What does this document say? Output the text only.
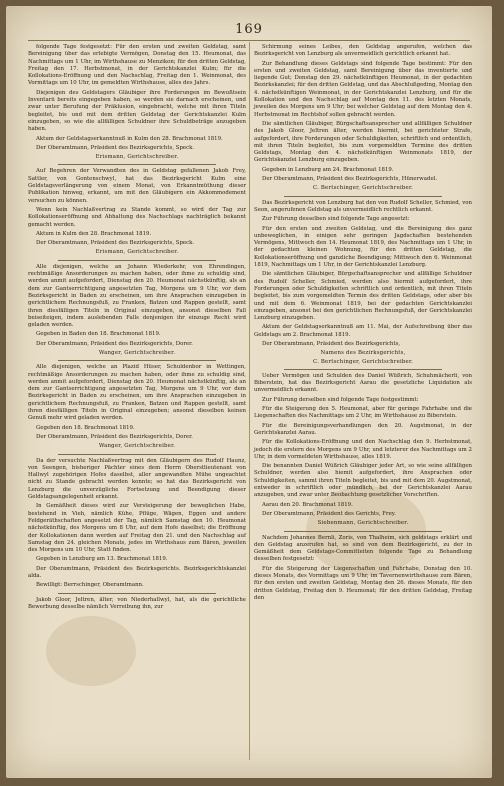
169

folgende Tage festgesetzt: Für den ersten und zweiten Geldstag, samt Bereinigung über das erlebigte Vermögen, Donstag den 15. Heumonat, das Nachmittags um 1 Uhr, im Wirthshause zu Menzikon; für den dritten Geldstag, Freitag den 17. Herbstmonat, in der Gerichtskanzlei Kulm; für die Kollokations-Eröffnung und den Nachschlag, Freitag den 1. Weinmonat, des Vormittags um 10 Uhr, im gemeldten Wirthshause, alles des Jahrs.

Diejenigen des Geldstagers Gläubiger ihre Forderungen im Bewußtsein Inventarii bereits eingegeben haben, so werden sie darnach erscheinen, und zwar unter Berufung der Präklusion, eingebracht, welche mit ihren Titeln begleitet, bis und mit dem dritten Geldstag der Gerichtskanzlei Kulm einzugeben, so wie die allfälligen Schuldner ihre Schuldbeträge anzugeben haben.

Aktum der Geldstagserkanntnuß in Kulm den 28. Brachmonat 1819.

Der Oberamtmann, Präsident des Bezirksgerichts, Speck.

Erismann, Gerichtschreiber.

Auf Begehren der Verwandten des in Geldstag gefallenen Jakob Frey, Sattler, von Gontenschwyl, hat das Bezirksgericht Kulm eine Geldstagsverlängerung von einem Monat, von Erkanntmüthung dieser Publikation hinweg, erkannt, um mit den Gläubigern ein Akkommodement versuchen zu können.

Wenn kein Nachlaßvertrag zu Stande kommt, so wird der Tag zur Kollokationseröffnung und Abhaltung des Nachschlags nachträglich bekannt gemacht werden.

Aktum in Kulm den 28. Brachmonat 1819.

Der Oberamtmann, Präsident des Bezirksgerichts, Speck.

Erismann, Gerichtschreiber.

Alle diejenigen, welche an Johann Wiederkehr, von Ehrendingen, rechtmäßige Ansorderungen zu machen haben, oder ihme zu schuldig sind, werden anmit aufgefordert, Dienstag den 20. Heumonat nächstkünftig, als an dem zur Gantserrichtigung angesetzten Tag, Morgens um 9 Uhr, vor dem Bezirksgericht in Baden zu erscheinen, um ihre Ansprachen einzugeben in gerichtlichem Rechnungsfuß, zu Franken, Batzen und Rappen gestellt, samt ihren diesfälligen Titeln in Original einzugeben, ansonst dieselben Fall beiseiteigen, indem auslebenden Falls denjenigen ihr einzuge Recht wird geladen werden.

Gegeben in Baden den 18. Brachmonat 1819.

Der Oberamtmann, Präsident des Bezirksgerichts, Dorer.

Wanger, Gerichtschreiber.

Alle diejenigen, welche an Plazid Hüser, Schuldenbor in Wettingen, rechtmäßige Ansorderungen zu machen haben, oder ihme zu schuldig sind, werden anmit aufgefordert, Dienstag den 20. Heumonat nächstkünftig, als an dem zur Gantserrichtigung angesetzten Tag, Morgens um 9 Uhr, vor dem Bezirksgericht in Baden zu erscheinen, um ihre Ansprachen einzugeben in gerichtlichem Rechnungsfuß, zu Franken, Batzen und Rappen gestellt, samt ihren diesfälligen Titeln in Original einzugeben; ansonst dieselben keinen Genuß mehr wird geladen werden.

Gegeben den 18. Brachmonat 1819.

Der Oberamtmann, Präsident des Bezirksgerichts, Dorer.

Wanger, Gerichtschreiber.

Da der versuchte Nachlaßvertrag mit den Gläubigern des Rudolf Haunz, von Seengen, bisheriger Pächter eines dem Herrn Oberstlieutenant von Hallwyl zugehörigen Hofes daselbst, aller angewandten Mühe ungeachtet nicht zu Stande gebracht werden konnte; so hat das Bezirksgericht von Lenzburg die unverzügliche Fortsetzung und Beendigung dieser Geldstagsangelegenheit erkannt.

In Gemäßheit dieses wird zur Versteigerung der beweglichen Habe, bestehend in Vieh, nämlich Kühe, Pflüge, Wägen, Eggen und andere Feldgeräthschaften angesetzt der Tag, nämlich Samstag den 10. Heumonat nächstkünftig, des Morgens um 8 Uhr, auf dem Hofe daselbst; die Eröffnung der Kollokationen dann werden auf Freitag den 21. und den Nachschlag auf Samstag den 24. gleichen Monats, jedes im Wirthshaus zum Bären, jeweilen des Morgens um 10 Uhr, Statt finden.

Gegeben in Lenzburg am 13. Brachmonat 1819.

Der Oberamtmann, Präsident des Bezirksgerichts. Bezirksgerichtskanzlei alda.

Bewilligt: Berrschinger, Oberamtmann.

Jakob Gloor, Jeltren, älter, von Niederhallwyl, hat, als die gerichtliche Bewerbung desselbe nämlich Verreibung ihn, zur

Schirmung seines Leibes, den Geldstag angerufen, welchen das Bezirksgericht von Lenzburg als unvermeidlich gerichtlich erkannt hat.

Zur Behandlung dieses Geldstags sind folgende Tage bestimmt: Für den ersten und zweiten Geldstag, samt Bereinigung über das inventierte und liegende Gut; Donstag den 29. nächstkünftigen Heumonat, in der gedachten Bezirkskanzlei; für den dritten Geldstag, und das Abschlußgeding, Montag den 4. nächstkünftigen Weinmonat, in der Gerichtskanzlei Lenzburg, und für die Kollokation und den Nachschlag auf Montag den 11. des letzten Monats, jeweilen des Morgens um 9 Uhr; bei welcher Geldstag auf dem Montag den 4. Herbstmonat im Rechtshof sollen gebracht werden.

Die sämtlichen Gläubiger, Bürgschaftsansprecher und allfälligen Schuldner des Jakob Gloor, Jeltren älter, werden hiermit, bei gerichteter Strafe, aufgefordert, ihre Forderungen oder Schuldigkeiten, schriftlich und ordentlich, mit ihren Titeln begleitet, bis zum vorgemeldten Termine des dritten Geldstags, Montag den 4. nächstkünftigen Weinmonats 1819, der Gerichtskanzlei Lenzburg einzugeben.

Gegeben in Lenzburg am 24. Brachmonat 1819.

Der Oberamtmann, Präsident des Bezirksgerichts, Hünerwadel.

C. Bertschinger, Gerichtschreiber.

Das Bezirksgericht von Lenzburg hat den von Rudolf Scheller, Schmied, von Seon, angerufenen Geldstag als unvermeidlich rechtlich erkannt.

Zur Führung desselben sind folgende Tage angesetzt:

Für den ersten und zweiten Geldstag, und die Bereinigung des ganz unbeweglichen, in einigen sehr geringen Jagdschaften bestehenden Vermögens, Mittwoch den 14. Heumonat 1819, des Nachmittags um 1 Uhr, in der gedachten kleinen Wohnung, für den dritten Geldstag, die Kollokationseröffnung und ganzliche Beendigung; Mittwoch den 6. Weinmonat 1819, Nachmittags um 1 Uhr, in der Gerichtskanzlei Lenzburg.

Die sämtlichen Gläubiger, Bürgschaftsansprecher und allfällige Schuldner des Rudolf Scheller, Schmied, werden also hiermit aufgefordert, ihre Forderungen oder Schuldigkeiten schriftlich und ordentlich, mit ihren Titeln begleitet, bis zum vorgemeldten Termin des dritten Geldstags, oder aber bis und mit dem 6. Weinmonat 1819, bei der gedachten Gerichtskanzlei einzugeben, ansonst bei den gerichtlichen Rechnungsfuß, der Gerichtskanzlei Lenzburg einzugeben.

Aktum der Geldstagserkanntnuß am 11. Mai, der Aufschreibung über das Geldstags am 2. Brachmonat 1819.

Der Oberamtmann, Präsident des Bezirksgerichts,

Namens des Bezirksgerichts,

C. Bertschinger, Gerichtschreiber.

Ueber Vermögen und Schulden des Daniel Wüßrich, Schuhmächerli, von Biberstein, hat das Bezirksgericht Aarau die gesetzliche Liquidation als unvermeidlich erkannt.

Zur Führung derselben sind folgende Tage festgestimmt:

Für die Steigerung den 5. Heumonat, aber für geringe Fahrhabe und die Liegenschaften des Nachmittags um 2 Uhr, im Wirthshause zu Biberstein.

Für die Bereinigungsverhandlungen den 20. Augstmonat, in der Gerichtskanzlei Aarau.

Für die Kollokations-Eröffnung und den Nachschlag den 9. Herbstmonat, jedoch die erstern des Morgens um 9 Uhr, und letzterer des Nachmittags um 2 Uhr, in dem vormeldeten Wirthshause, alles 1819.

Die benannten Daniel Wüßrich Gläubiger jeder Art, so wie seine allfälligen Schuldner, werden also hiemit aufgefordert, ihre Ansprachen oder Schuldigkeiten, sammt ihren Titeln begleitet, bis und mit dem 20. Augstmonat, entweder in schriftlich oder mündlich, bei der Gerichtskanzlei Aarau anzugeben, und zwar unter Beobachtung gesetzlicher Vorschriften.

Aarau den 20. Brachmonat 1819.

Der Oberamtmann, Präsident des Gerichts, Frey.

Siebenmann, Gerichtschreiber.

Nachdem Johannes Bernli, Zoris, von Thalheim, sich geldstags erklärt und den Geldstag anzerufen hat, so sind von dem Bezirksgericht, zu der in Gemäßheit dem Geldstags-Committeiten folgende Tage zu Behandlung desselben festgesetzt:

Für die Steigerung der Liegenschaften und Fahrhabe, Donstag den 10. dieses Monats, des Vormittags um 9 Uhr, im Tavernenwirthshause zum Bären, für den ersten und zweiten Geldstag, Montag den 26. dieses Monats, für den dritten Geldstag, Freitag den 9. Heumonat; für den dritten Geldstag, Freitag den
